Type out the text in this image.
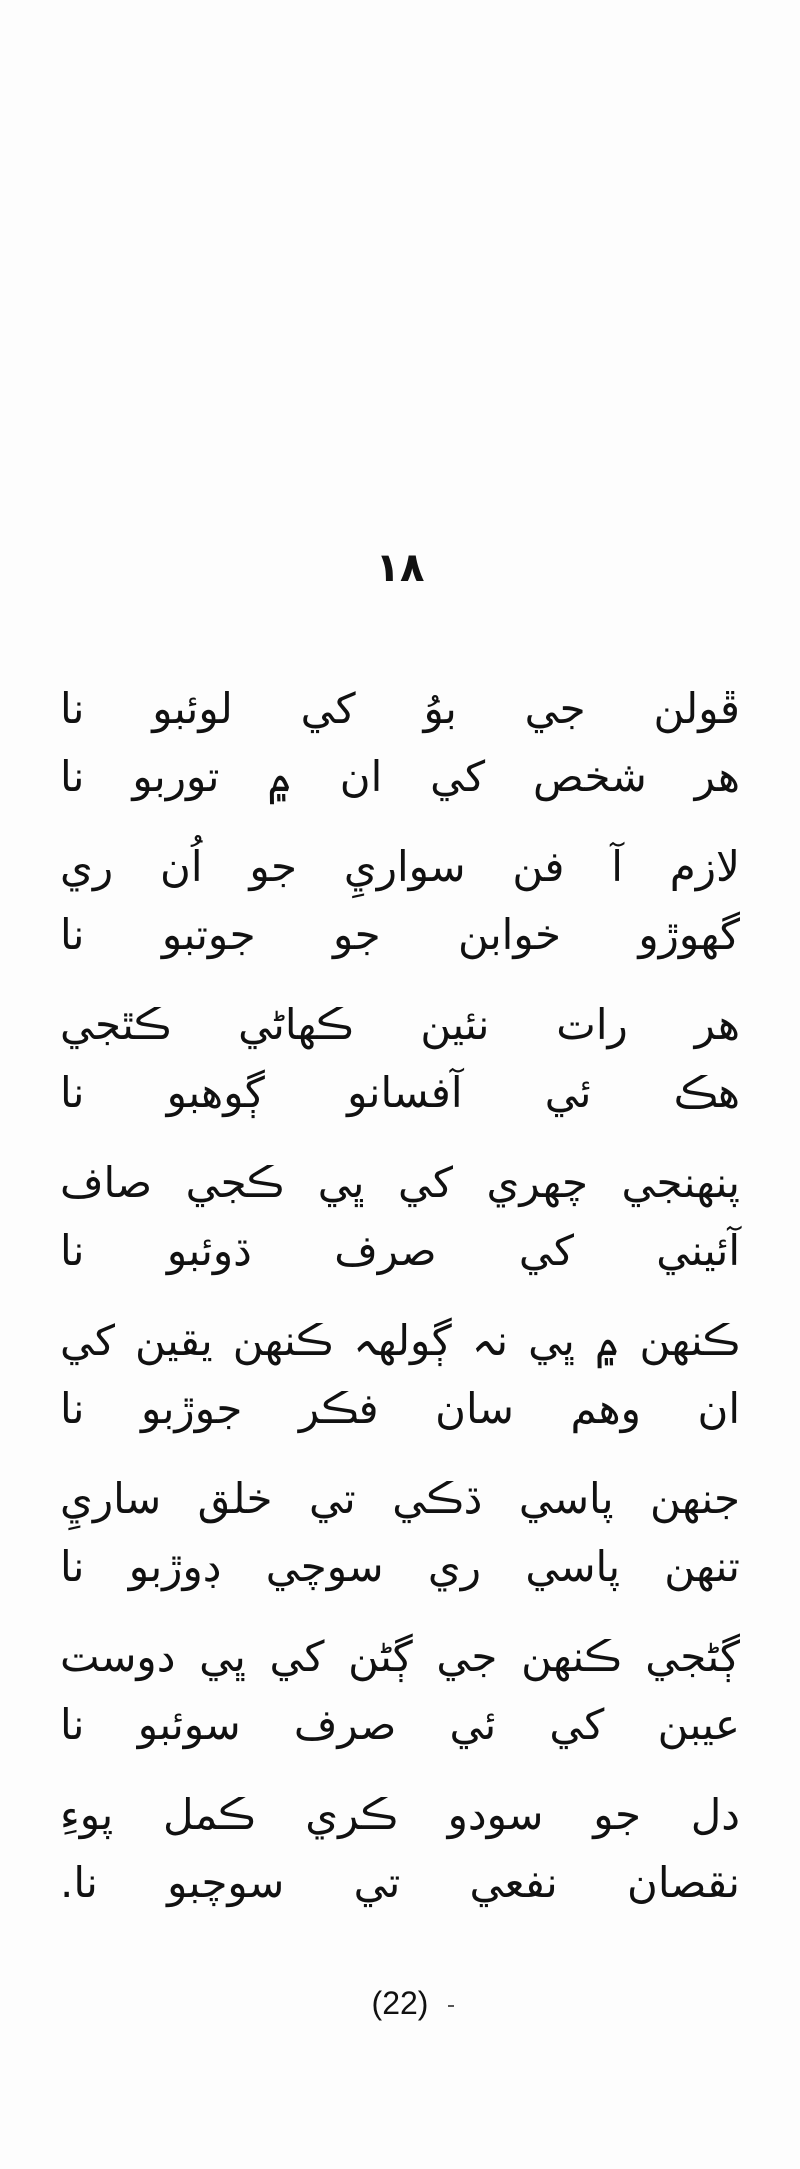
۱۸
ڦولن جي بوُ کي لوئبو نا
هر شخص کي ان ۾ توربو نا
لازم آ فن سواريِ جو اُن ري
گهوڙو خوابن جو جوتبو نا
هر رات نئين ڪهاڻي ڪٿجي
هڪ ئي آفسانو ڳوهبو نا
پنهنجي چهري کي ڀي ڪجي صاف
آئيني کي صرف ڌوئبو نا
ڪنهن ۾ ڀي نہ ڳولهہ ڪنهن يقين کي
ان وهم سان فڪر جوڙبو نا
جنهن پاسي ڌڪي تي خلق ساريِ
تنهن پاسي ري سوچي ڊوڙبو نا
ڳڻجي ڪنهن جي ڳڻن کي ڀي دوست
عيبن کي ئي صرف سوئبو نا
دل جو سودو ڪري ڪمل پوءِ
نقصان نفعي تي سوچبو نا.
(22)
